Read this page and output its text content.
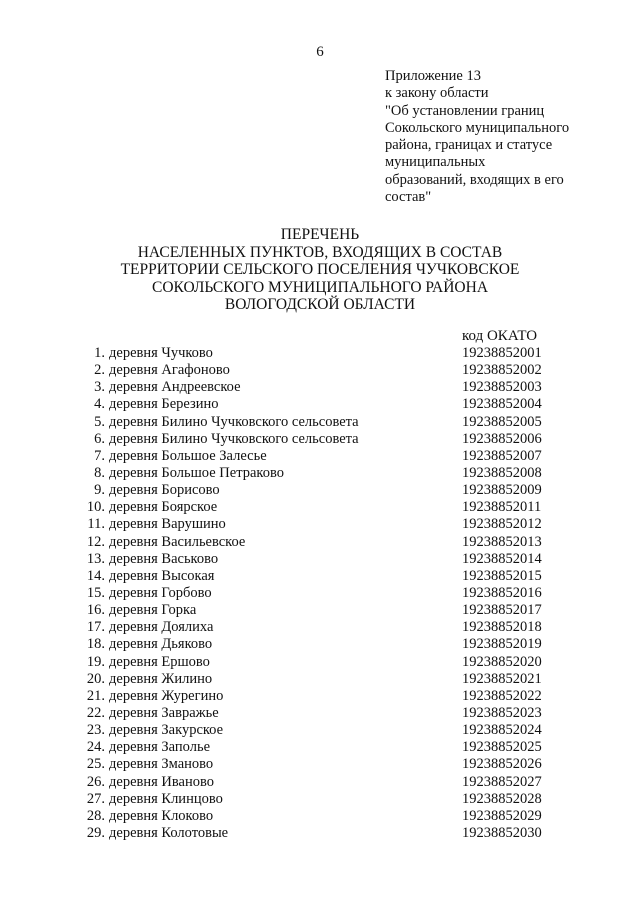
6
Приложение 13
к закону области
"Об установлении границ
Сокольского муниципального
района, границах и статусе
муниципальных
образований, входящих в его
состав"
ПЕРЕЧЕНЬ
НАСЕЛЕННЫХ ПУНКТОВ, ВХОДЯЩИХ В СОСТАВ
ТЕРРИТОРИИ СЕЛЬСКОГО ПОСЕЛЕНИЯ ЧУЧКОВСКОЕ
СОКОЛЬСКОГО МУНИЦИПАЛЬНОГО РАЙОНА
ВОЛОГОДСКОЙ ОБЛАСТИ
код ОКАТО
1. деревня Чучково	19238852001
2. деревня Агафоново	19238852002
3. деревня Андреевское	19238852003
4. деревня Березино	19238852004
5. деревня Билино Чучковского сельсовета	19238852005
6. деревня Билино Чучковского сельсовета	19238852006
7. деревня Большое Залесье	19238852007
8. деревня Большое Петраково	19238852008
9. деревня Борисово	19238852009
10. деревня Боярское	19238852011
11. деревня Варушино	19238852012
12. деревня Васильевское	19238852013
13. деревня Васьково	19238852014
14. деревня Высокая	19238852015
15. деревня Горбово	19238852016
16. деревня Горка	19238852017
17. деревня Доялиха	19238852018
18. деревня Дьяково	19238852019
19. деревня Ершово	19238852020
20. деревня Жилино	19238852021
21. деревня Журегино	19238852022
22. деревня Завражье	19238852023
23. деревня Закурское	19238852024
24. деревня Заполье	19238852025
25. деревня Зманово	19238852026
26. деревня Иваново	19238852027
27. деревня Клинцово	19238852028
28. деревня Клоково	19238852029
29. деревня Колотовые	19238852030
